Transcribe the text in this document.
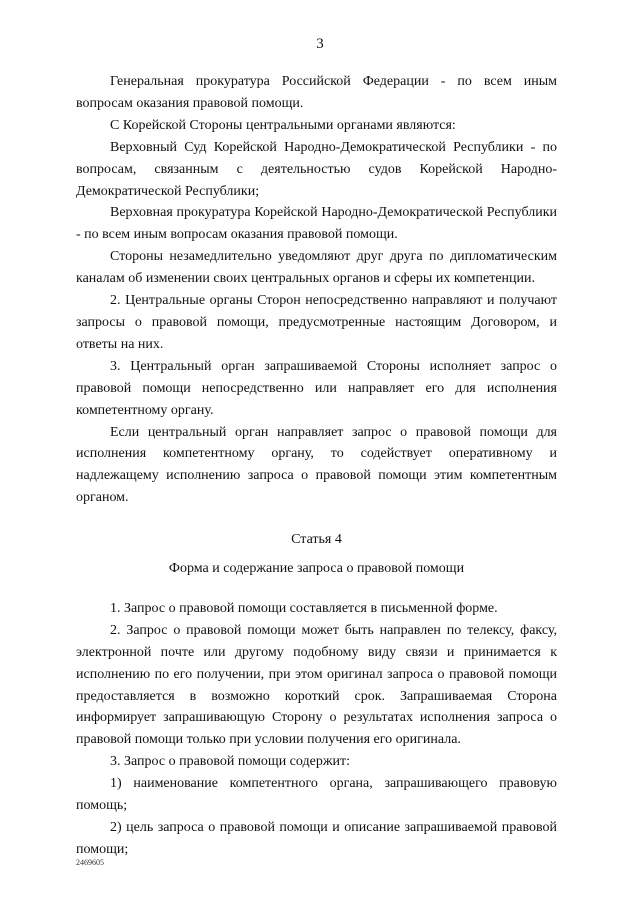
3

Генеральная прокуратура Российской Федерации - по всем иным вопросам оказания правовой помощи.

С Корейской Стороны центральными органами являются:

Верховный Суд Корейской Народно-Демократической Республики - по вопросам, связанным с деятельностью судов Корейской Народно-Демократической Республики;

Верховная прокуратура Корейской Народно-Демократической Республики - по всем иным вопросам оказания правовой помощи.

Стороны незамедлительно уведомляют друг друга по дипломатическим каналам об изменении своих центральных органов и сферы их компетенции.

2. Центральные органы Сторон непосредственно направляют и получают запросы о правовой помощи, предусмотренные настоящим Договором, и ответы на них.

3. Центральный орган запрашиваемой Стороны исполняет запрос о правовой помощи непосредственно или направляет его для исполнения компетентному органу.

Если центральный орган направляет запрос о правовой помощи для исполнения компетентному органу, то содействует оперативному и надлежащему исполнению запроса о правовой помощи этим компетентным органом.

Статья 4

Форма и содержание запроса о правовой помощи

1. Запрос о правовой помощи составляется в письменной форме.

2. Запрос о правовой помощи может быть направлен по телексу, факсу, электронной почте или другому подобному виду связи и принимается к исполнению по его получении, при этом оригинал запроса о правовой помощи предоставляется в возможно короткий срок. Запрашиваемая Сторона информирует запрашивающую Сторону о результатах исполнения запроса о правовой помощи только при условии получения его оригинала.

3. Запрос о правовой помощи содержит:

1) наименование компетентного органа, запрашивающего правовую помощь;

2) цель запроса о правовой помощи и описание запрашиваемой правовой помощи;

2469605
